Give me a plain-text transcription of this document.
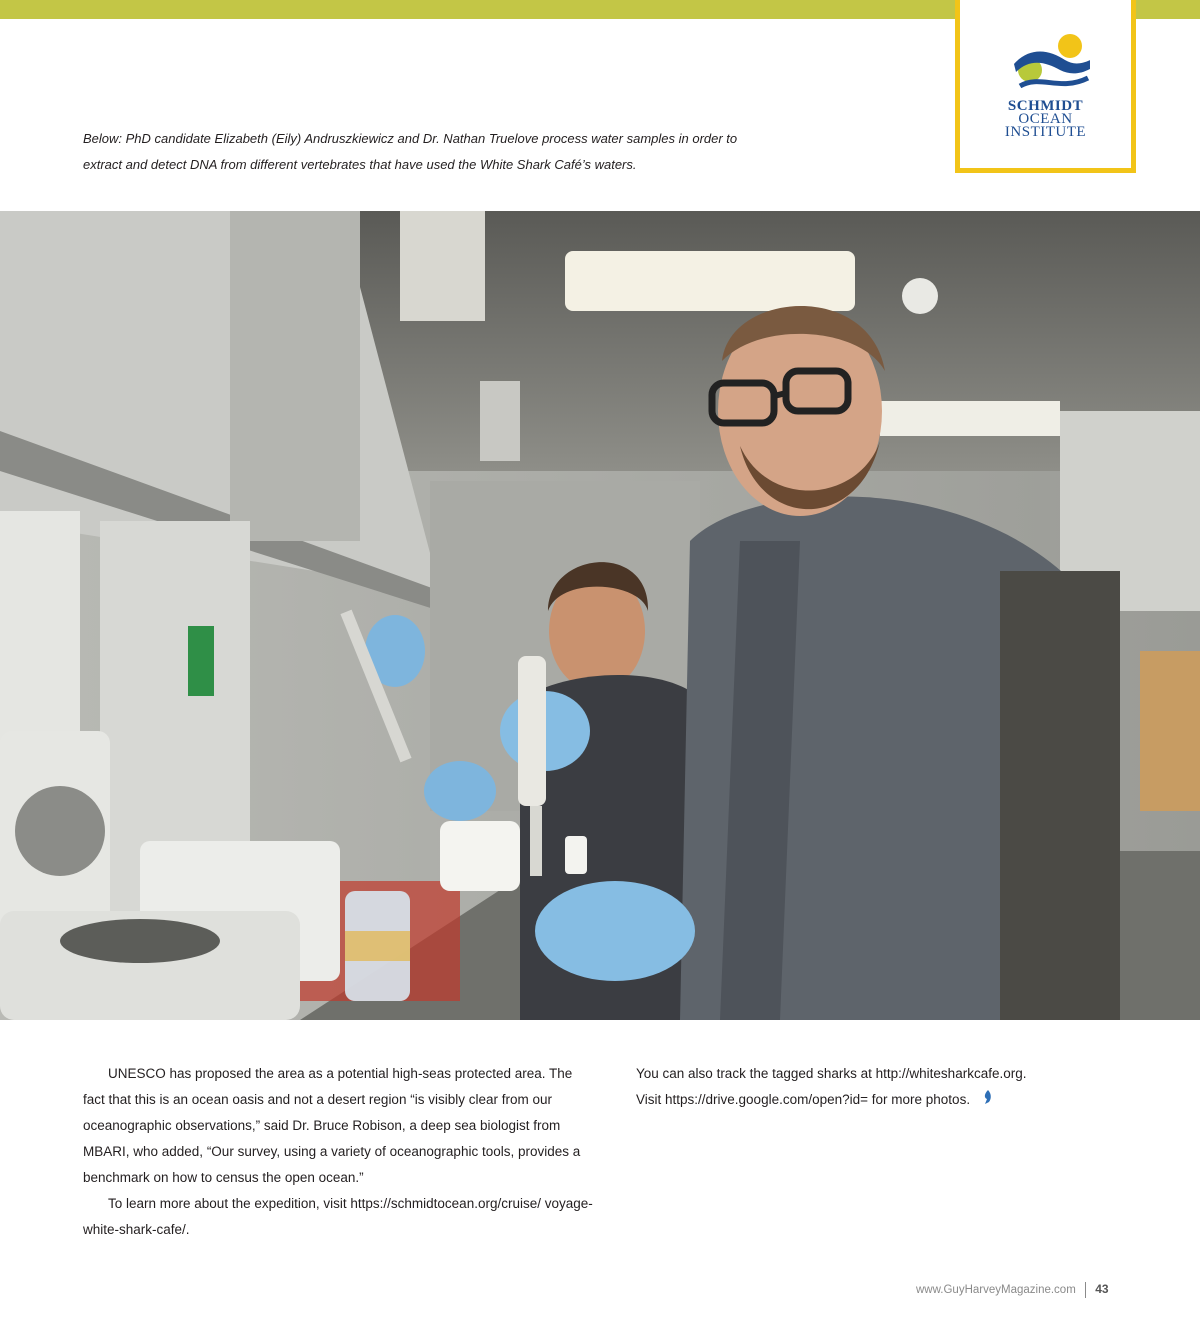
SCHMIDT
OCEAN
INSTITUTE
Below: PhD candidate Elizabeth (Eily) Andruszkiewicz and Dr. Nathan Truelove process water samples in order to
extract and detect DNA from different vertebrates that have used the White Shark Café’s waters.

UNESCO has proposed the area as a potential high-seas protected area. The fact that this is an ocean oasis and not a desert region “is visibly clear from our oceanographic observations,” said Dr. Bruce Robison, a deep sea biologist from MBARI, who added, “Our survey, using a variety of oceanographic tools, provides a benchmark on how to census the open ocean.”

To learn more about the expedition, visit https://schmidtocean.org/cruise/ voyage-white-shark-cafe/.

You can also track the tagged sharks at http://whitesharkcafe.org.
Visit https://drive.google.com/open?id= for more photos.
www.GuyHarveyMagazine.com 43
